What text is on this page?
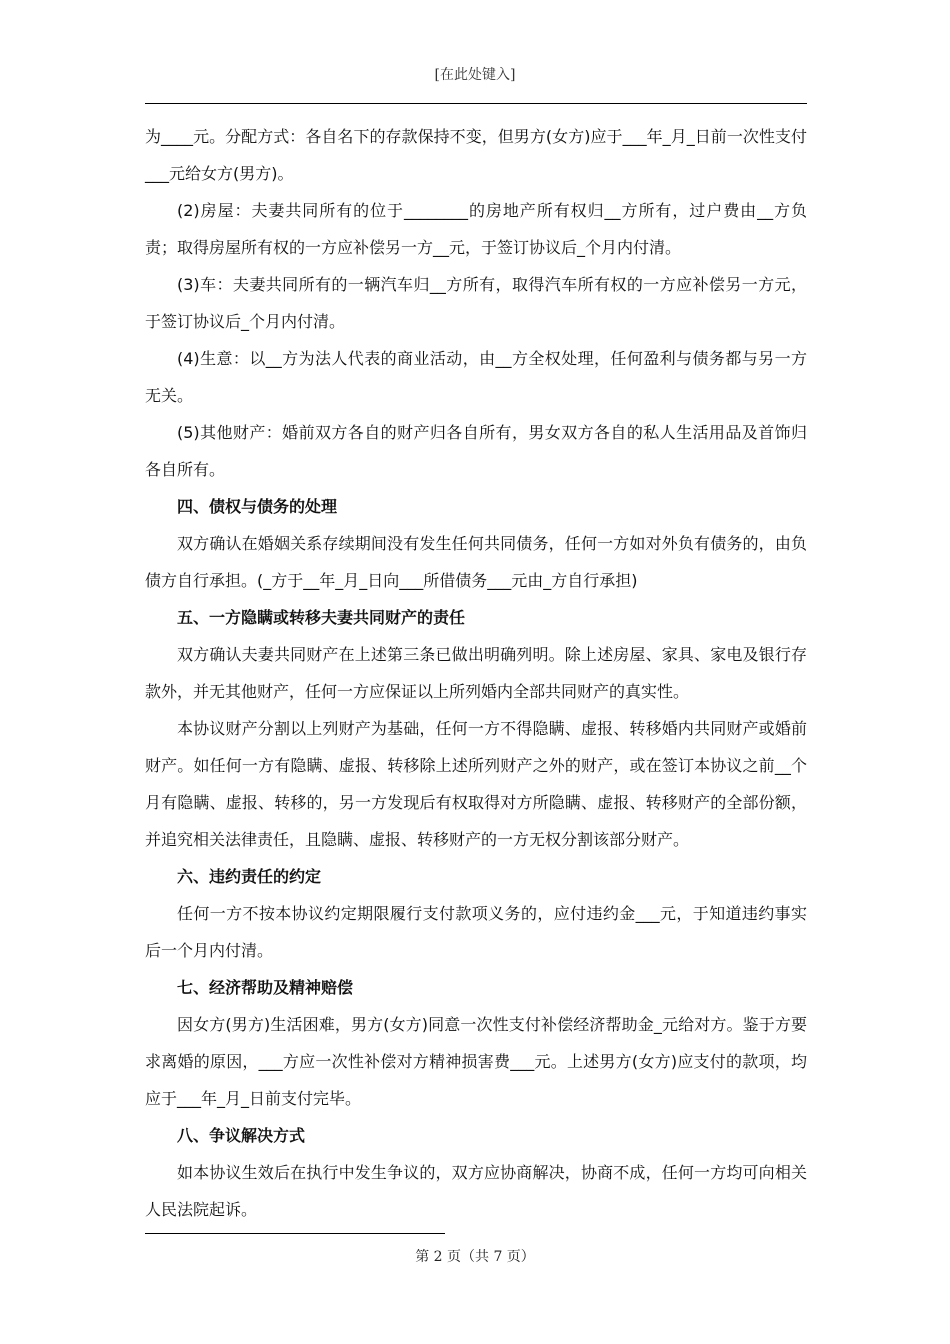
[在此处键入]

为____元。分配方式：各自名下的存款保持不变，但男方(女方)应于___年_月_日前一次性支付___元给女方(男方)。

(2)房屋：夫妻共同所有的位于________的房地产所有权归__方所有，过户费由__方负责；取得房屋所有权的一方应补偿另一方__元，于签订协议后_个月内付清。

(3)车：夫妻共同所有的一辆汽车归__方所有，取得汽车所有权的一方应补偿另一方元，于签订协议后_个月内付清。

(4)生意：以__方为法人代表的商业活动，由__方全权处理，任何盈利与债务都与另一方无关。

(5)其他财产：婚前双方各自的财产归各自所有，男女双方各自的私人生活用品及首饰归各自所有。

四、债权与债务的处理

双方确认在婚姻关系存续期间没有发生任何共同债务，任何一方如对外负有债务的，由负债方自行承担。(_方于__年_月_日向___所借债务___元由_方自行承担)

五、一方隐瞒或转移夫妻共同财产的责任

双方确认夫妻共同财产在上述第三条已做出明确列明。除上述房屋、家具、家电及银行存款外，并无其他财产，任何一方应保证以上所列婚内全部共同财产的真实性。

本协议财产分割以上列财产为基础，任何一方不得隐瞒、虚报、转移婚内共同财产或婚前财产。如任何一方有隐瞒、虚报、转移除上述所列财产之外的财产，或在签订本协议之前__个月有隐瞒、虚报、转移的，另一方发现后有权取得对方所隐瞒、虚报、转移财产的全部份额，并追究相关法律责任，且隐瞒、虚报、转移财产的一方无权分割该部分财产。

六、违约责任的约定

任何一方不按本协议约定期限履行支付款项义务的，应付违约金___元，于知道违约事实后一个月内付清。

七、经济帮助及精神赔偿

因女方(男方)生活困难，男方(女方)同意一次性支付补偿经济帮助金_元给对方。鉴于方要求离婚的原因，___方应一次性补偿对方精神损害费___元。上述男方(女方)应支付的款项，均应于___年_月_日前支付完毕。

八、争议解决方式

如本协议生效后在执行中发生争议的，双方应协商解决，协商不成，任何一方均可向相关人民法院起诉。

第 2 页（共 7 页）
